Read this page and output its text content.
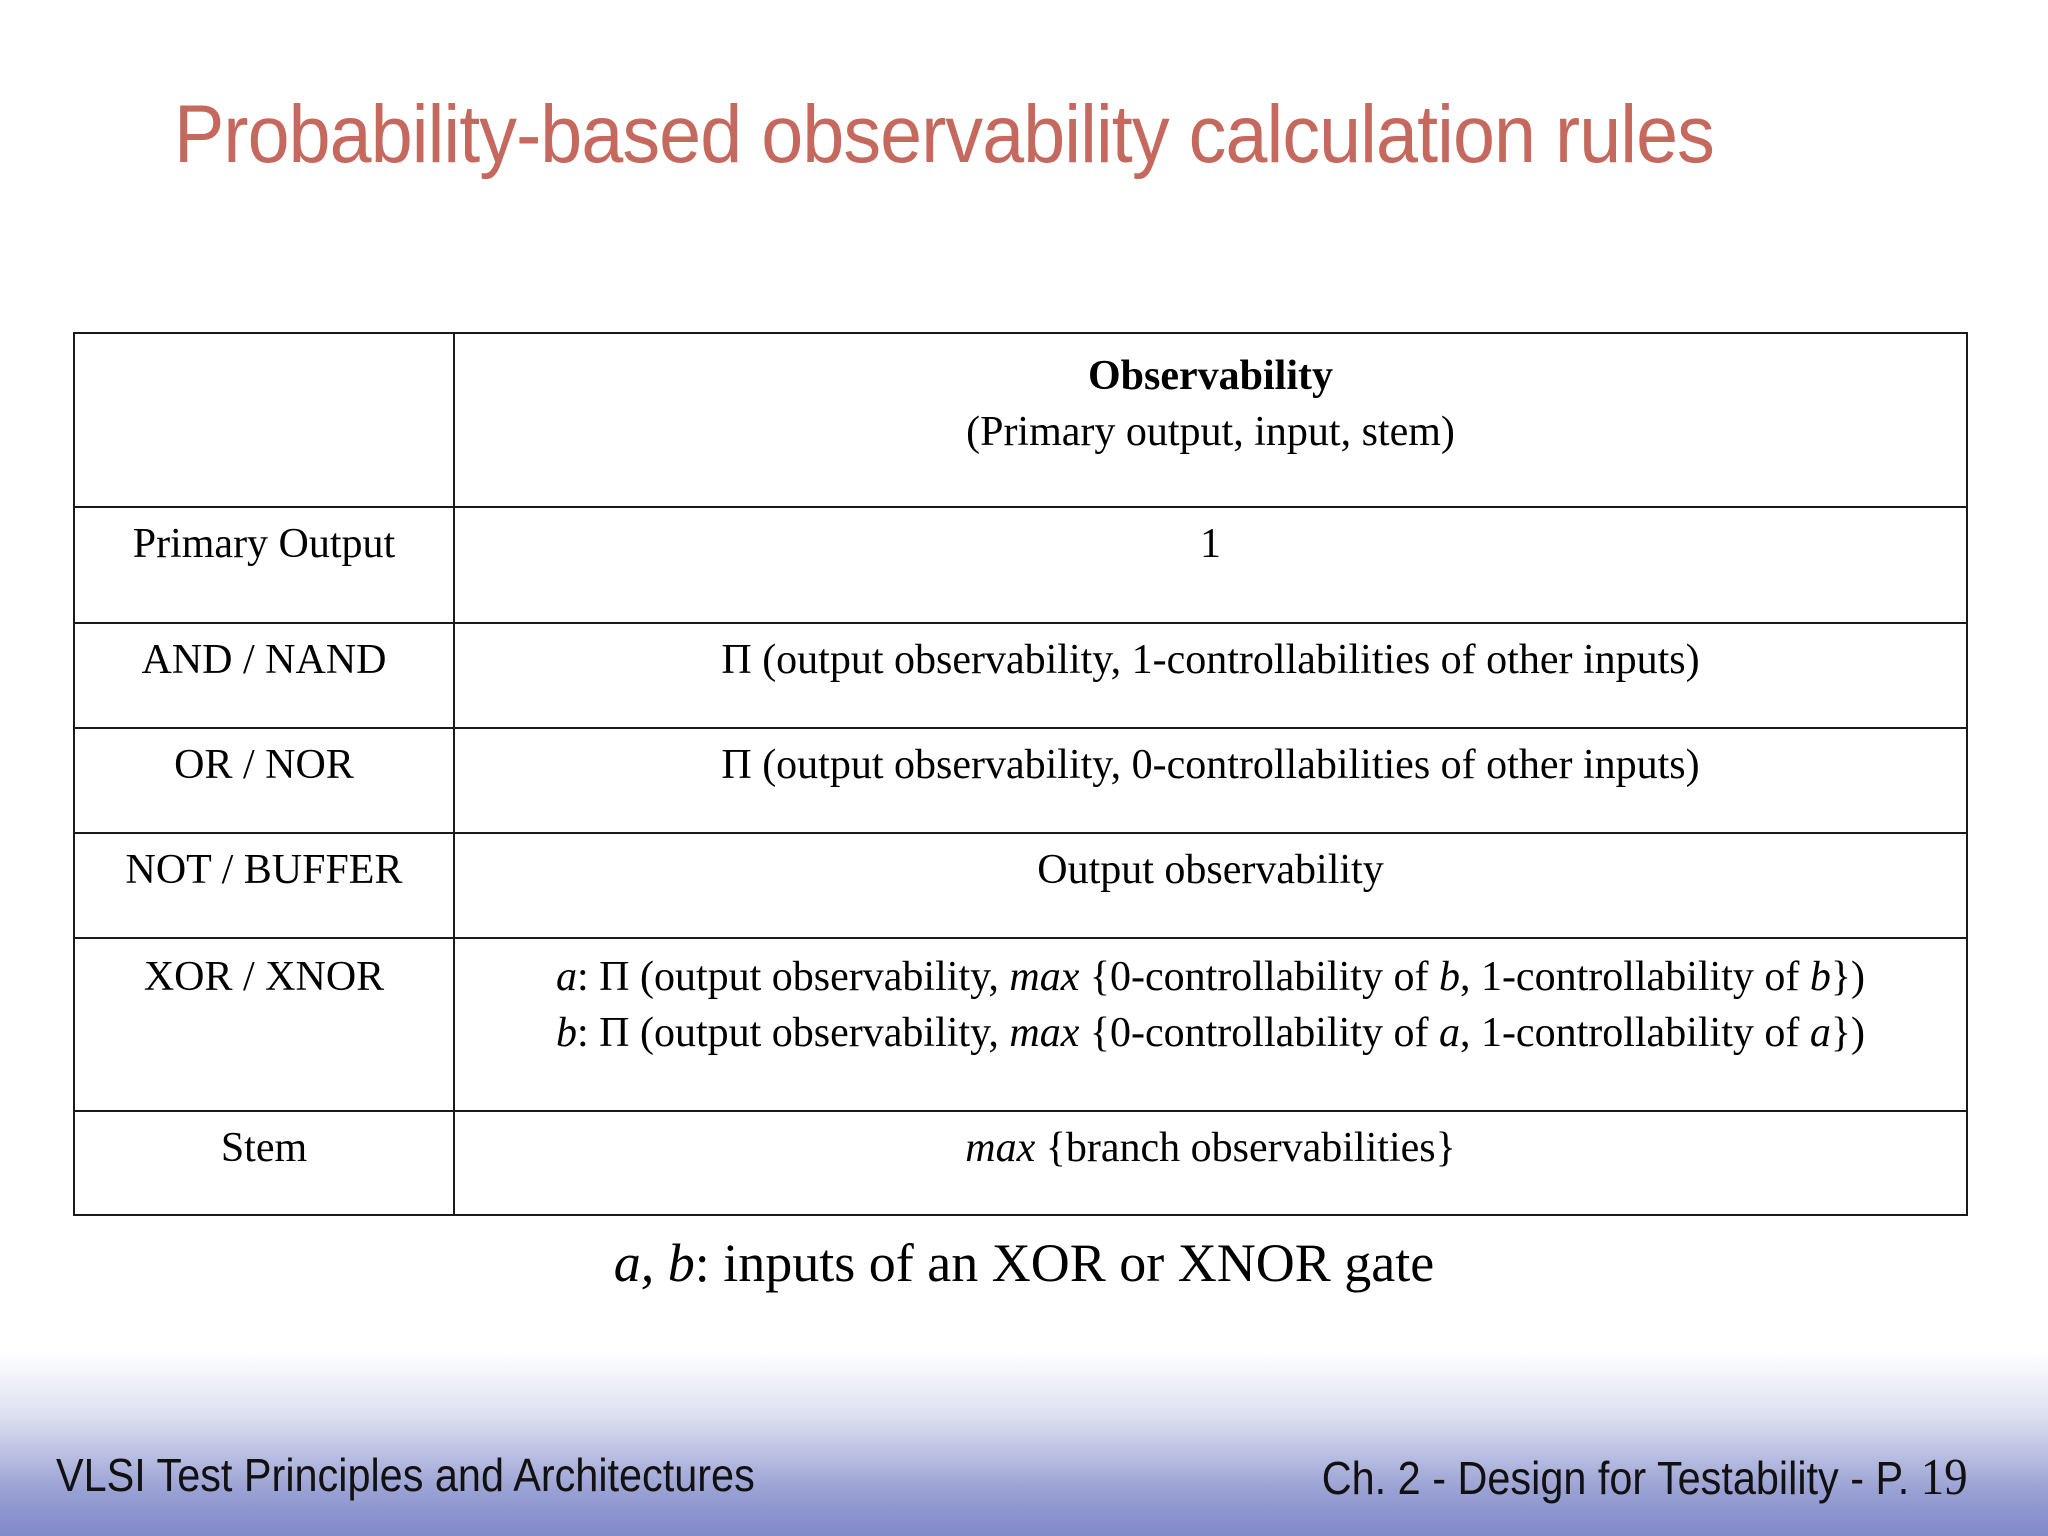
Probability-based observability calculation rules

	Observability
(Primary output, input, stem)

Primary Output	1
AND / NAND	Π (output observability, 1-controllabilities of other inputs)
OR / NOR	Π (output observability, 0-controllabilities of other inputs)
NOT / BUFFER	Output observability
XOR / XNOR	a: Π (output observability, max {0-controllability of b, 1-controllability of b})
b: Π (output observability, max {0-controllability of a, 1-controllability of a})

Stem	max {branch observabilities}
a, b: inputs of an XOR or XNOR gate
VLSI Test Principles and Architectures	Ch. 2 - Design for Testability - P. 19
